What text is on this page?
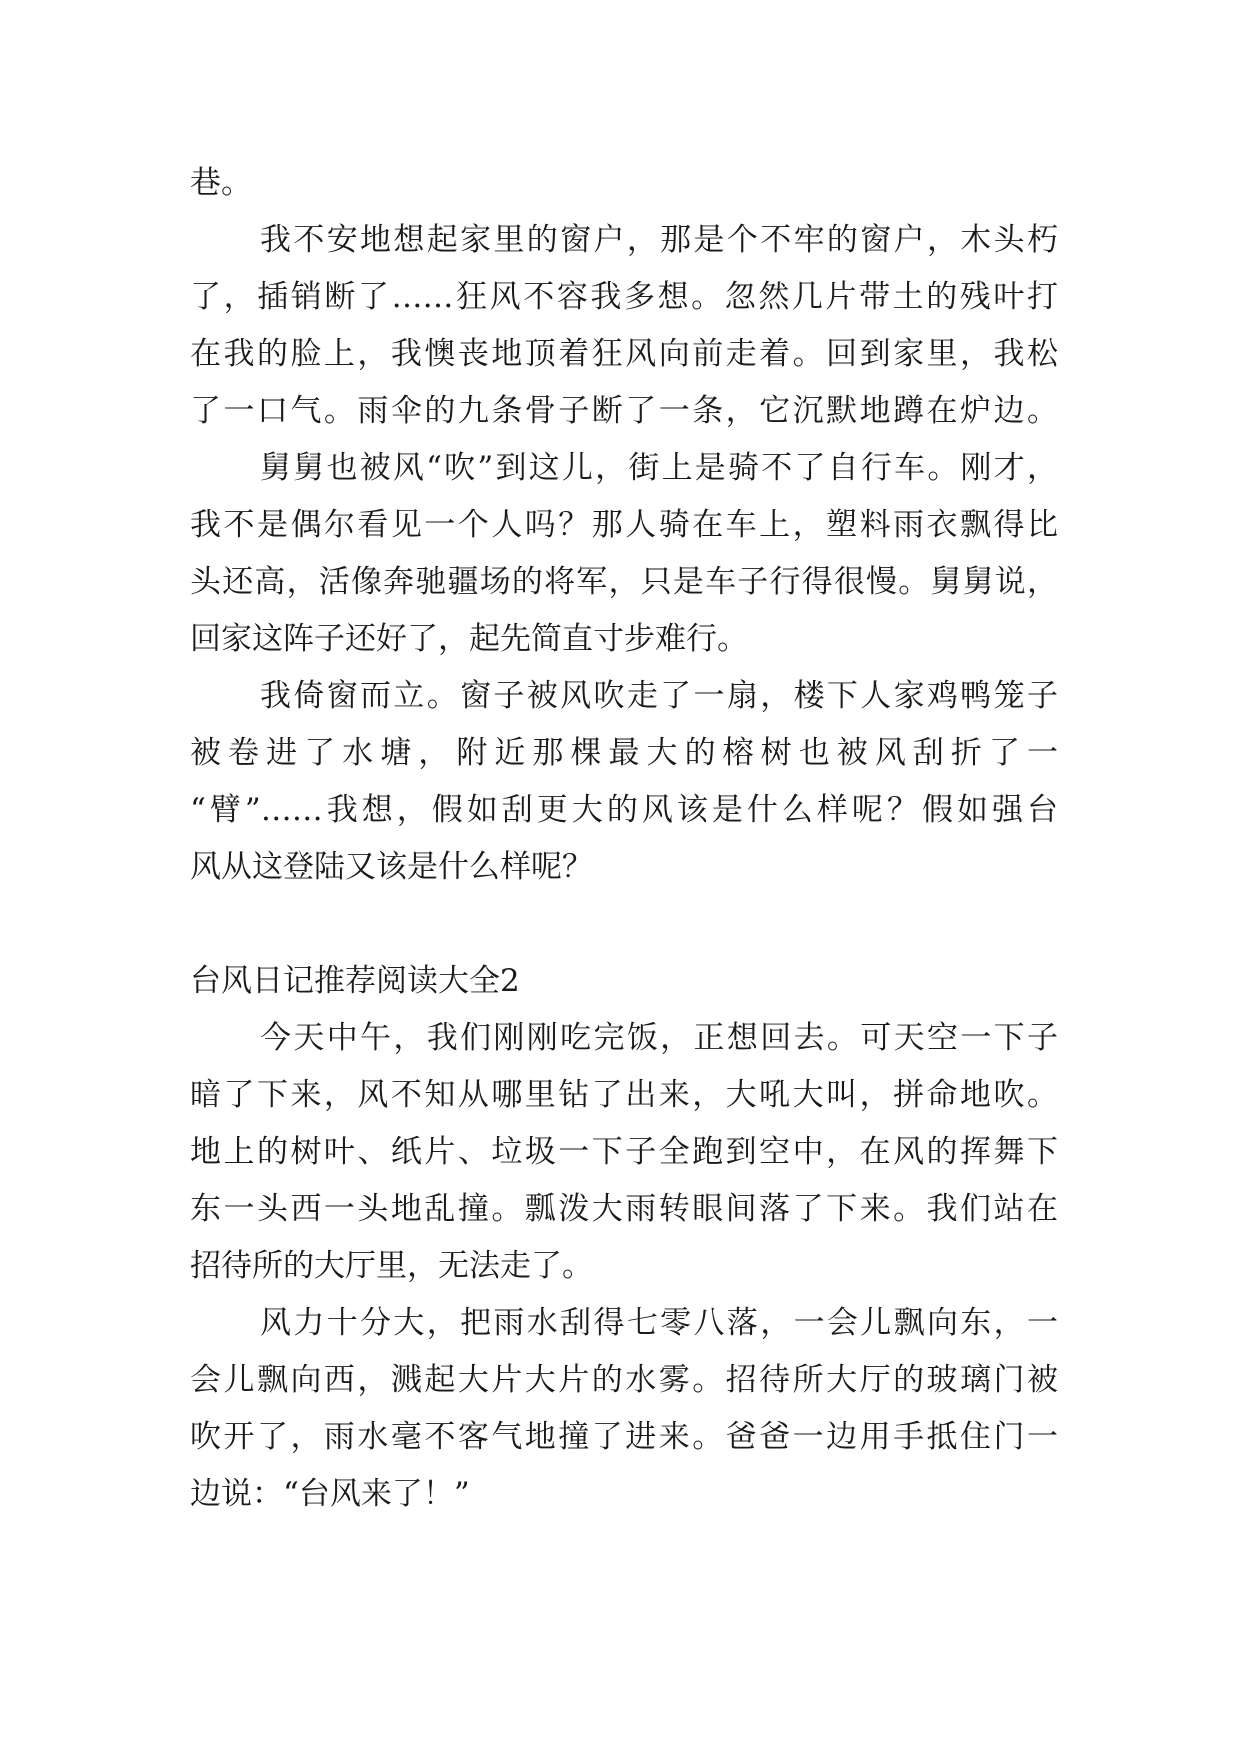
巷。
我不安地想起家里的窗户，那是个不牢的窗户，木头朽
了，插销断了……狂风不容我多想。忽然几片带土的残叶打
在我的脸上，我懊丧地顶着狂风向前走着。回到家里，我松
了一口气。雨伞的九条骨子断了一条，它沉默地蹲在炉边。
舅舅也被风“吹”到这儿，街上是骑不了自行车。刚才，
我不是偶尔看见一个人吗？那人骑在车上，塑料雨衣飘得比
头还高，活像奔驰疆场的将军，只是车子行得很慢。舅舅说，
回家这阵子还好了，起先简直寸步难行。
我倚窗而立。窗子被风吹走了一扇，楼下人家鸡鸭笼子
被卷进了水塘，附近那棵最大的榕树也被风刮折了一
“臂”……我想，假如刮更大的风该是什么样呢？假如强台
风从这登陆又该是什么样呢？
台风日记推荐阅读大全2
今天中午，我们刚刚吃完饭，正想回去。可天空一下子
暗了下来，风不知从哪里钻了出来，大吼大叫，拼命地吹。
地上的树叶、纸片、垃圾一下子全跑到空中，在风的挥舞下
东一头西一头地乱撞。瓢泼大雨转眼间落了下来。我们站在
招待所的大厅里，无法走了。
风力十分大，把雨水刮得七零八落，一会儿飘向东，一
会儿飘向西，溅起大片大片的水雾。招待所大厅的玻璃门被
吹开了，雨水毫不客气地撞了进来。爸爸一边用手抵住门一
边说：“台风来了！”
